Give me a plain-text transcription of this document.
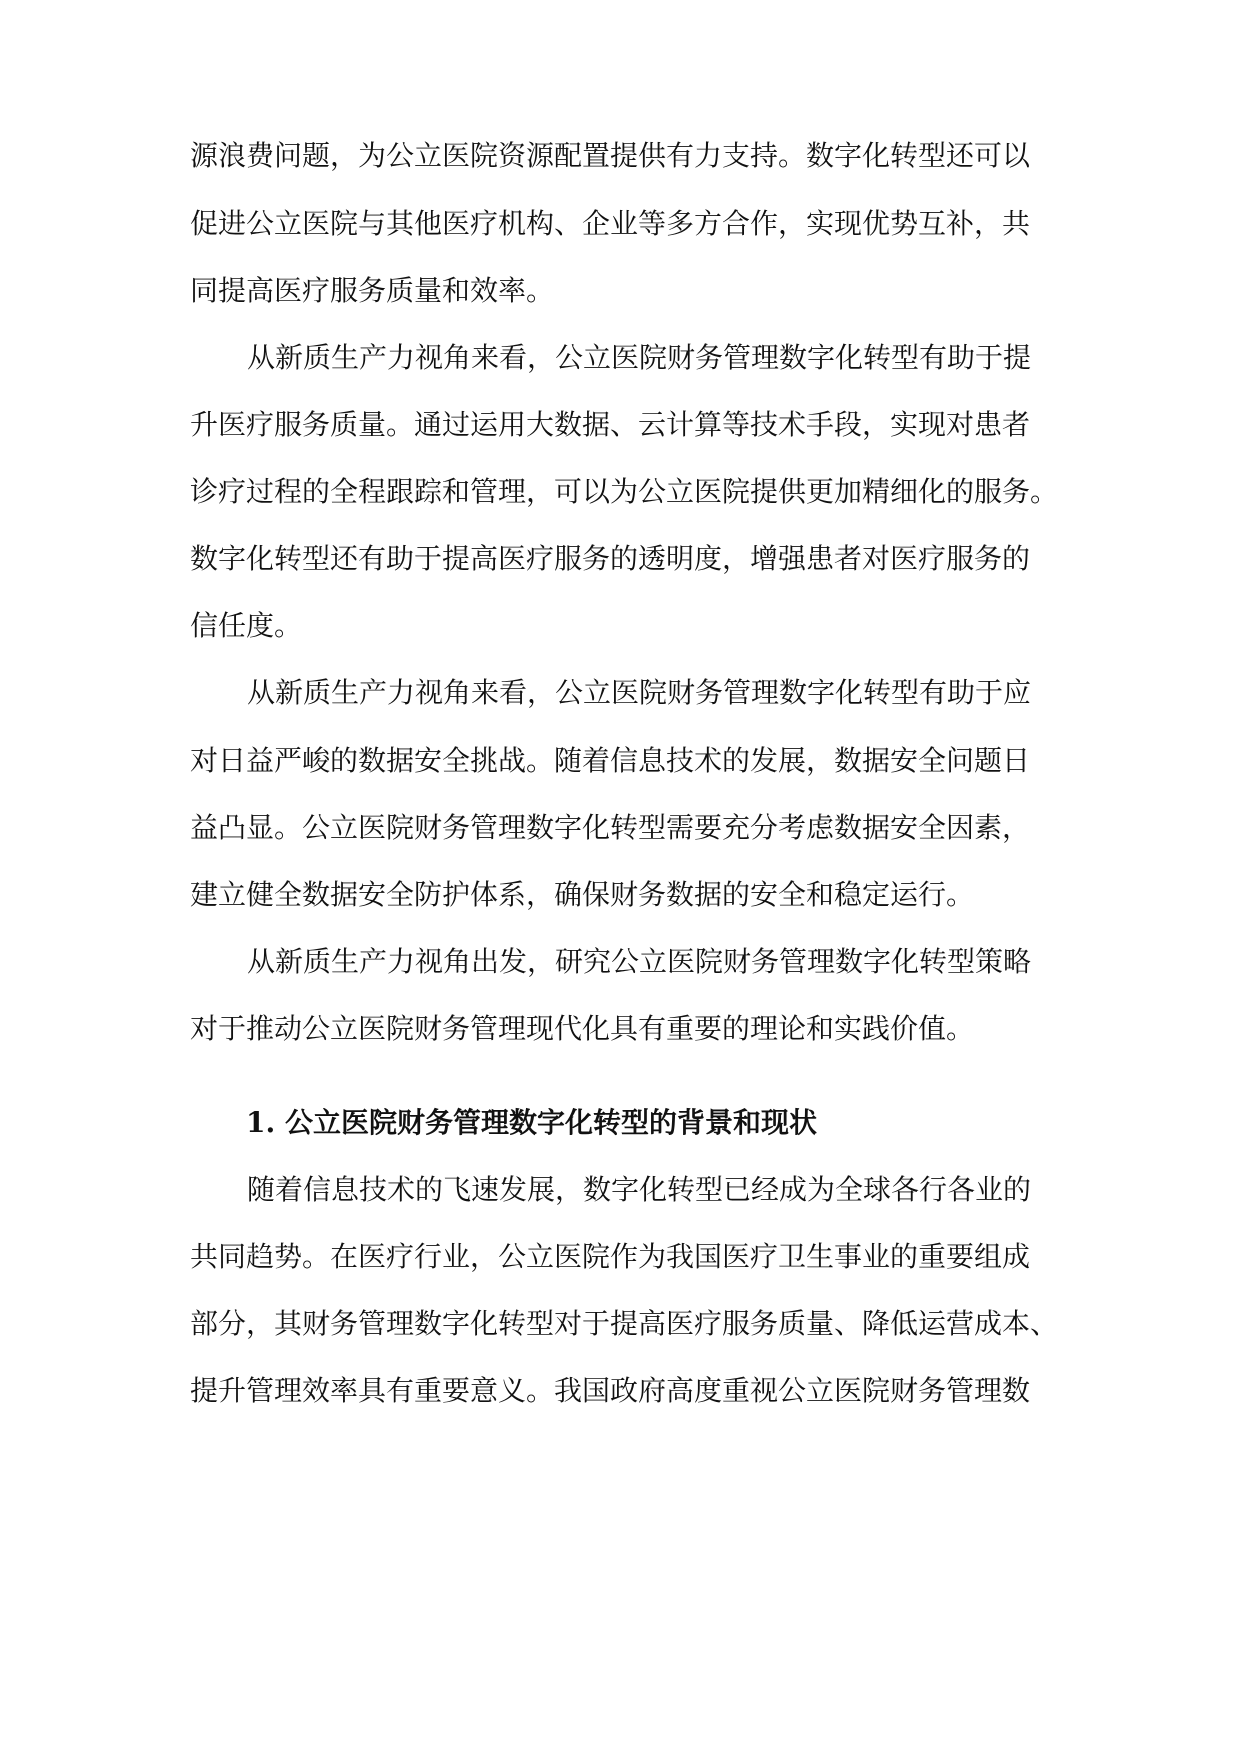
源浪费问题，为公立医院资源配置提供有力支持。数字化转型还可以
促进公立医院与其他医疗机构、企业等多方合作，实现优势互补，共
同提高医疗服务质量和效率。
从新质生产力视角来看，公立医院财务管理数字化转型有助于提
升医疗服务质量。通过运用大数据、云计算等技术手段，实现对患者
诊疗过程的全程跟踪和管理，可以为公立医院提供更加精细化的服务。
数字化转型还有助于提高医疗服务的透明度，增强患者对医疗服务的
信任度。
从新质生产力视角来看，公立医院财务管理数字化转型有助于应
对日益严峻的数据安全挑战。随着信息技术的发展，数据安全问题日
益凸显。公立医院财务管理数字化转型需要充分考虑数据安全因素，
建立健全数据安全防护体系，确保财务数据的安全和稳定运行。
从新质生产力视角出发，研究公立医院财务管理数字化转型策略
对于推动公立医院财务管理现代化具有重要的理论和实践价值。
1. 公立医院财务管理数字化转型的背景和现状
随着信息技术的飞速发展，数字化转型已经成为全球各行各业的
共同趋势。在医疗行业，公立医院作为我国医疗卫生事业的重要组成
部分，其财务管理数字化转型对于提高医疗服务质量、降低运营成本、
提升管理效率具有重要意义。我国政府高度重视公立医院财务管理数
